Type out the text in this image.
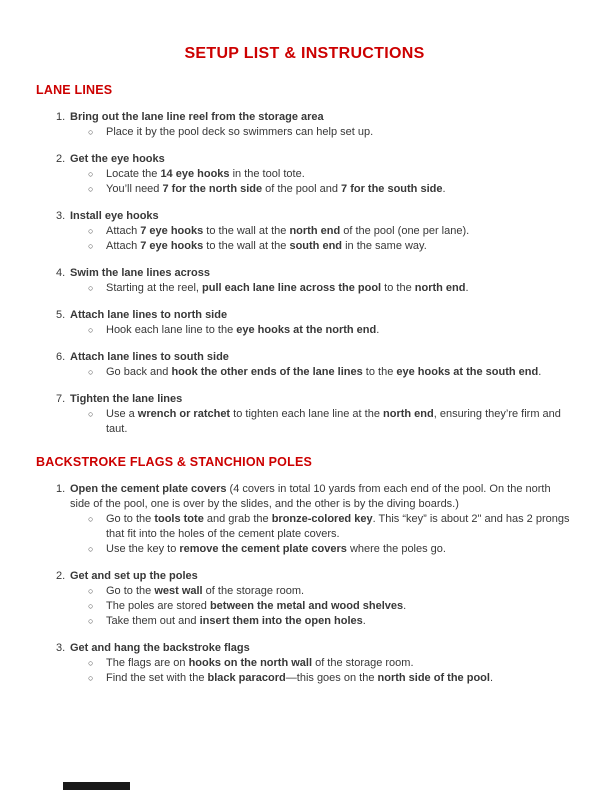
SETUP LIST & INSTRUCTIONS
LANE LINES
1. Bring out the lane line reel from the storage area
○	Place it by the pool deck so swimmers can help set up.
2. Get the eye hooks
○	Locate the 14 eye hooks in the tool tote.
○	You’ll need 7 for the north side of the pool and 7 for the south side.
3. Install eye hooks
○	Attach 7 eye hooks to the wall at the north end of the pool (one per lane).
○	Attach 7 eye hooks to the wall at the south end in the same way.
4. Swim the lane lines across
○	Starting at the reel, pull each lane line across the pool to the north end.
5. Attach lane lines to north side
○	Hook each lane line to the eye hooks at the north end.
6. Attach lane lines to south side
○	Go back and hook the other ends of the lane lines to the eye hooks at the south end.
7. Tighten the lane lines
○	Use a wrench or ratchet to tighten each lane line at the north end, ensuring they’re firm and taut.
BACKSTROKE FLAGS & STANCHION POLES
1. Open the cement plate covers (4 covers in total 10 yards from each end of the pool. On the north side of the pool, one is over by the slides, and the other is by the diving boards.)
○	Go to the tools tote and grab the bronze-colored key. This “key” is about 2" and has 2 prongs that fit into the holes of the cement plate covers.
○	Use the key to remove the cement plate covers where the poles go.
2. Get and set up the poles
○	Go to the west wall of the storage room.
○	The poles are stored between the metal and wood shelves.
○	Take them out and insert them into the open holes.
3. Get and hang the backstroke flags
○	The flags are on hooks on the north wall of the storage room.
○	Find the set with the black paracord—this goes on the north side of the pool.
